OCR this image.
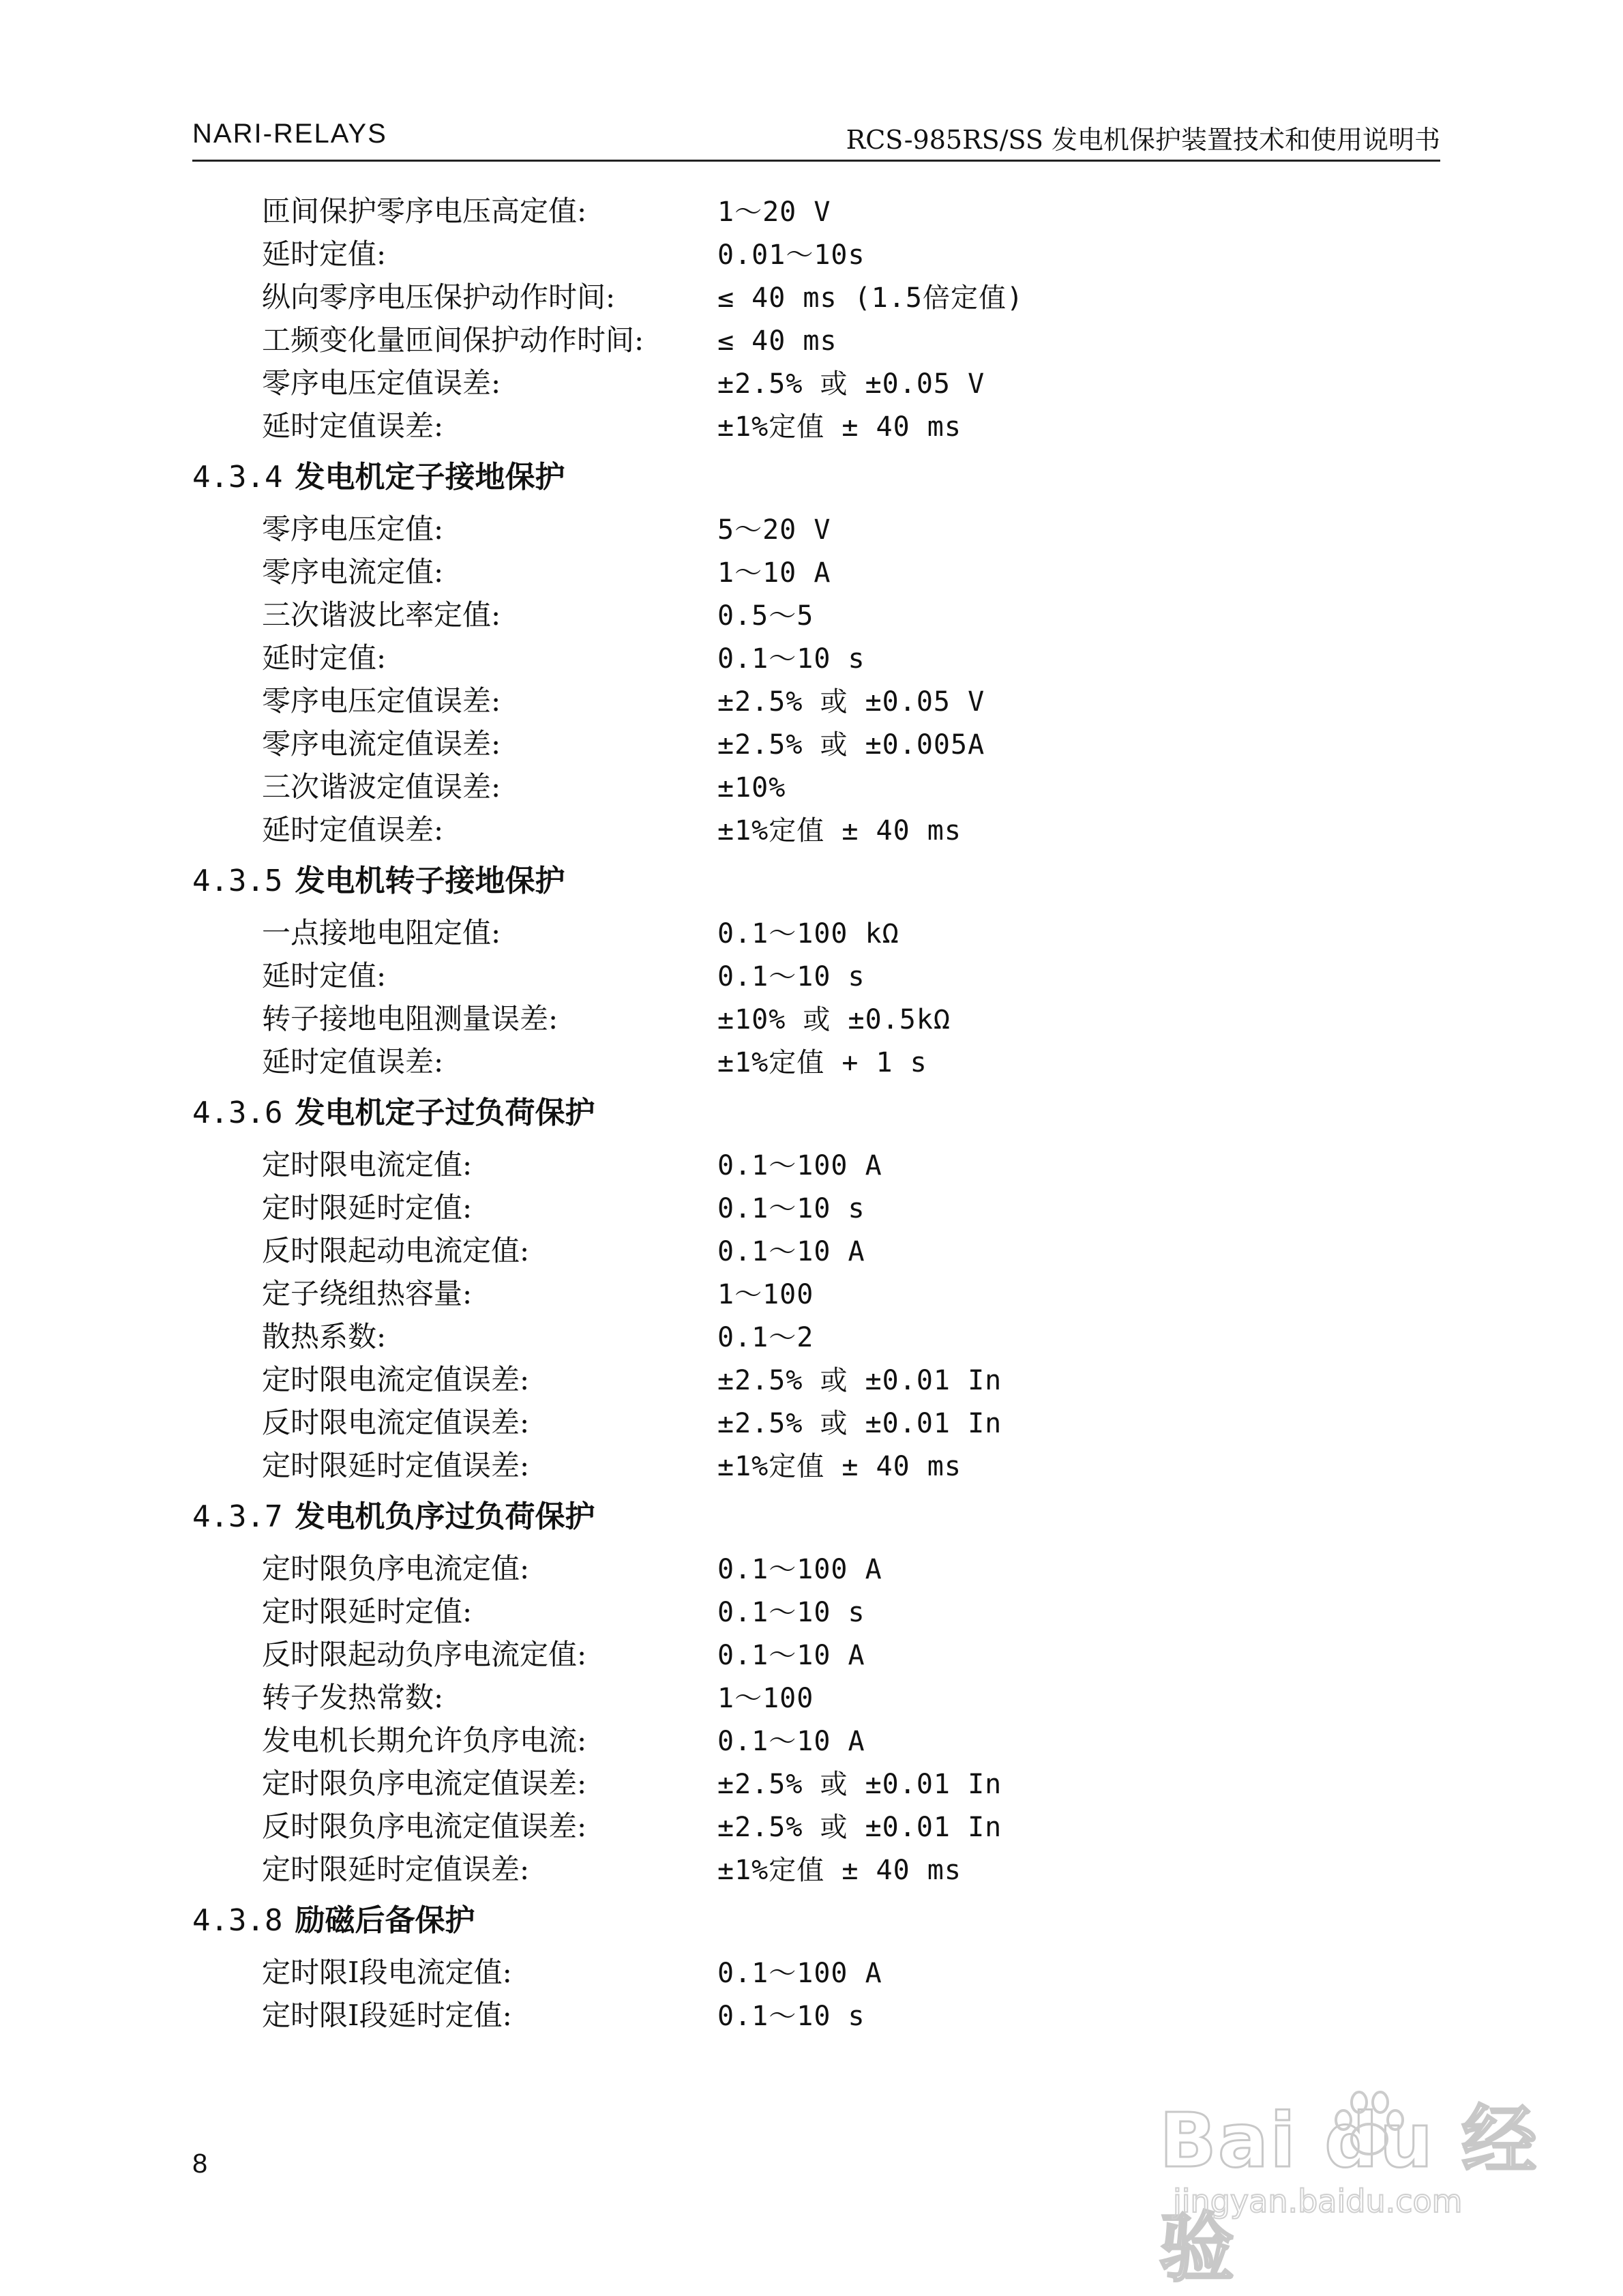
NARI-RELAYS	RCS-985RS/SS 发电机保护装置技术和使用说明书
匝间保护零序电压高定值:	1～20 V
延时定值:	0.01～10s
纵向零序电压保护动作时间:	≤ 40 ms (1.5倍定值)
工频变化量匝间保护动作时间:	≤ 40 ms
零序电压定值误差:	±2.5% 或 ±0.05 V
延时定值误差:	±1%定值 ± 40 ms
4.3.4 发电机定子接地保护
零序电压定值:	5～20 V
零序电流定值:	1～10 A
三次谐波比率定值:	0.5～5
延时定值:	0.1～10 s
零序电压定值误差:	±2.5% 或 ±0.05 V
零序电流定值误差:	±2.5% 或 ±0.005A
三次谐波定值误差:	±10%
延时定值误差:	±1%定值 ± 40 ms
4.3.5 发电机转子接地保护
一点接地电阻定值:	0.1～100 kΩ
延时定值:	0.1～10 s
转子接地电阻测量误差:	±10% 或 ±0.5kΩ
延时定值误差:	±1%定值 + 1 s
4.3.6 发电机定子过负荷保护
定时限电流定值:	0.1～100 A
定时限延时定值:	0.1～10 s
反时限起动电流定值:	0.1～10 A
定子绕组热容量:	1～100
散热系数:	0.1～2
定时限电流定值误差:	±2.5% 或 ±0.01 In
反时限电流定值误差:	±2.5% 或 ±0.01 In
定时限延时定值误差:	±1%定值 ± 40 ms
4.3.7 发电机负序过负荷保护
定时限负序电流定值:	0.1～100 A
定时限延时定值:	0.1～10 s
反时限起动负序电流定值:	0.1～10 A
转子发热常数:	1～100
发电机长期允许负序电流:	0.1～10 A
定时限负序电流定值误差:	±2.5% 或 ±0.01 In
反时限负序电流定值误差:	±2.5% 或 ±0.01 In
定时限延时定值误差:	±1%定值 ± 40 ms
4.3.8 励磁后备保护
定时限Ⅰ段电流定值:	0.1～100 A
定时限Ⅰ段延时定值:	0.1～10 s
8	Bai du 经验
jingyan.baidu.com
